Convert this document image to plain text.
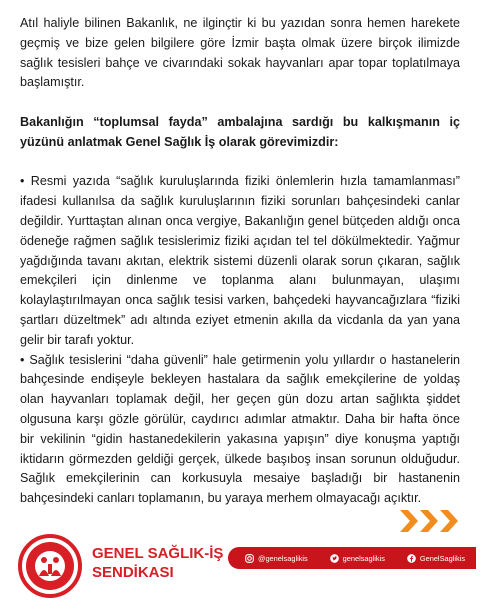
Atıl haliyle bilinen Bakanlık, ne ilginçtir ki bu yazıdan sonra hemen harekete geçmiş ve bize gelen bilgilere göre İzmir başta olmak üzere birçok ilimizde sağlık tesisleri bahçe ve civarındaki sokak hayvanları apar topar toplatılmaya başlamıştır.

Bakanlığın “toplumsal fayda” ambalajına sardığı bu kalkışmanın iç yüzünü anlatmak Genel Sağlık İş olarak görevimizdir:

• Resmi yazıda “sağlık kuruluşlarında fiziki önlemlerin hızla tamamlanması” ifadesi kullanılsa da sağlık kuruluşlarının fiziki sorunları bahçesindeki canlar değildir. Yurttaştan alınan onca vergiye, Bakanlığın genel bütçeden aldığı onca ödeneğe rağmen sağlık tesislerimiz fiziki açıdan tel tel dökülmektedir. Yağmur yağdığında tavanı akıtan, elektrik sistemi düzenli olarak sorun çıkaran, sağlık emekçileri için dinlenme ve toplanma alanı bulunmayan, ulaşımı kolaylaştırılmayan onca sağlık tesisi varken, bahçedeki hayvancağızlara “fiziki şartları düzeltmek” adı altında eziyet etmenin akılla da vicdanla da yan yana gelir bir tarafı yoktur.

• Sağlık tesislerini “daha güvenli” hale getirmenin yolu yıllardır o hastanelerin bahçesinde endişeyle bekleyen hastalara da sağlık emekçilerine de yoldaş olan hayvanları toplamak değil, her geçen gün dozu artan sağlıkta şiddet olgusuna karşı gözle görülür, caydırıcı adımlar atmaktır. Daha bir hafta önce bir vekilinin “gidin hastanedekilerin yakasına yapışın” diye konuşma yaptığı iktidarın görmezden geldiği gerçek, ülkede başıboş insan sorunun olduğudur. Sağlık emekçilerinin can korkusuyla mesaiye başladığı bir hastanenin bahçesindeki canları toplamanın, bu yaraya merhem olmayacağı açıktır.

GENEL SAĞLIK-İŞ
SENDİKASI
@genelsaglikis	genelsaglikis	GenelSaglikis
